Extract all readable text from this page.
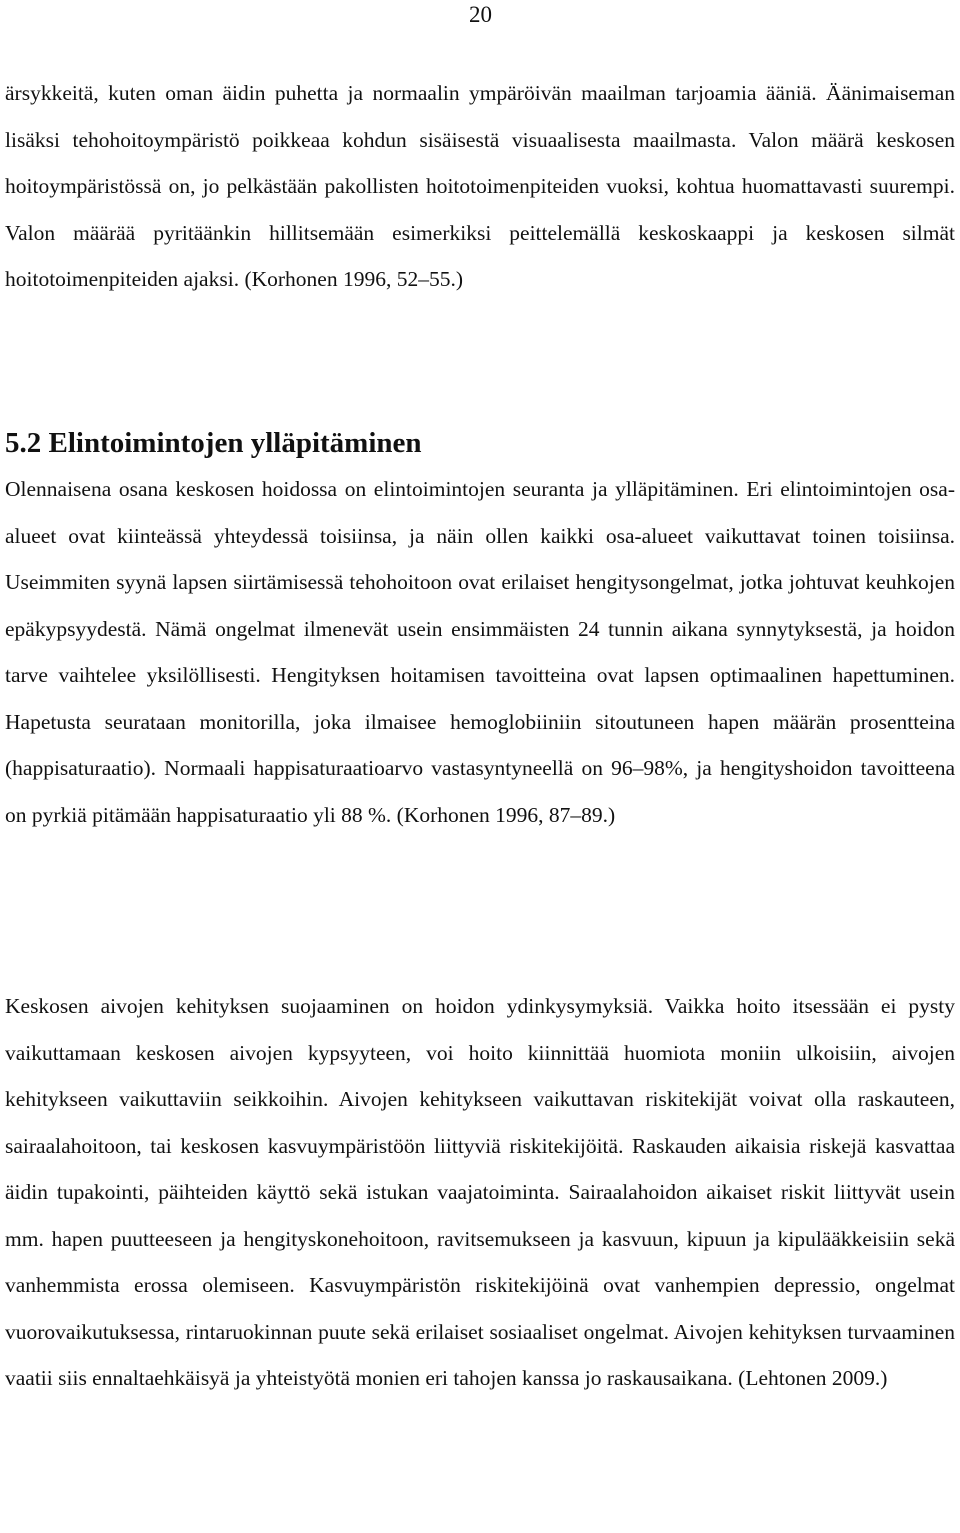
20

ärsykkeitä, kuten oman äidin puhetta ja normaalin ympäröivän maailman tarjoamia ääniä. Äänimaiseman lisäksi tehohoitoympäristö poikkeaa kohdun sisäisestä visuaalisesta maailmasta. Valon määrä keskosen hoitoympäristössä on, jo pelkästään pakollisten hoitotoimenpiteiden vuoksi, kohtua huomattavasti suurempi. Valon määrää pyritäänkin hillitsemään esimerkiksi peittelemällä keskoskaappi ja keskosen silmät hoitotoimenpiteiden ajaksi. (Korhonen 1996, 52–55.)

5.2 Elintoimintojen ylläpitäminen

Olennaisena osana keskosen hoidossa on elintoimintojen seuranta ja ylläpitäminen. Eri elintoimintojen osa-alueet ovat kiinteässä yhteydessä toisiinsa, ja näin ollen kaikki osa-alueet vaikuttavat toinen toisiinsa. Useimmiten syynä lapsen siirtämisessä tehohoitoon ovat erilaiset hengitysongelmat, jotka johtuvat keuhkojen epäkypsyydestä. Nämä ongelmat ilmenevät usein ensimmäisten 24 tunnin aikana synnytyksestä, ja hoidon tarve vaihtelee yksilöllisesti. Hengityksen hoitamisen tavoitteina ovat lapsen optimaalinen hapettuminen. Hapetusta seurataan monitorilla, joka ilmaisee hemoglobiiniin sitoutuneen hapen määrän prosentteina (happisaturaatio). Normaali happisaturaatioarvo vastasyntyneellä on 96–98%, ja hengityshoidon tavoitteena on pyrkiä pitämään happisaturaatio yli 88 %. (Korhonen 1996, 87–89.)

Keskosen aivojen kehityksen suojaaminen on hoidon ydinkysymyksiä. Vaikka hoito itsessään ei pysty vaikuttamaan keskosen aivojen kypsyyteen, voi hoito kiinnittää huomiota moniin ulkoisiin, aivojen kehitykseen vaikuttaviin seikkoihin. Aivojen kehitykseen vaikuttavan riskitekijät voivat olla raskauteen, sairaalahoitoon, tai keskosen kasvuympäristöön liittyviä riskitekijöitä. Raskauden aikaisia riskejä kasvattaa äidin tupakointi, päihteiden käyttö sekä istukan vaajatoiminta. Sairaalahoidon aikaiset riskit liittyvät usein mm. hapen puutteeseen ja hengityskonehoitoon, ravitsemukseen ja kasvuun, kipuun ja kipulääkkeisiin sekä vanhemmista erossa olemiseen. Kasvuympäristön riskitekijöinä ovat vanhempien depressio, ongelmat vuorovaikutuksessa, rintaruokinnan puute sekä erilaiset sosiaaliset ongelmat. Aivojen kehityksen turvaaminen vaatii siis ennaltaehkäisyä ja yhteistyötä monien eri tahojen kanssa jo raskausaikana. (Lehtonen 2009.)
